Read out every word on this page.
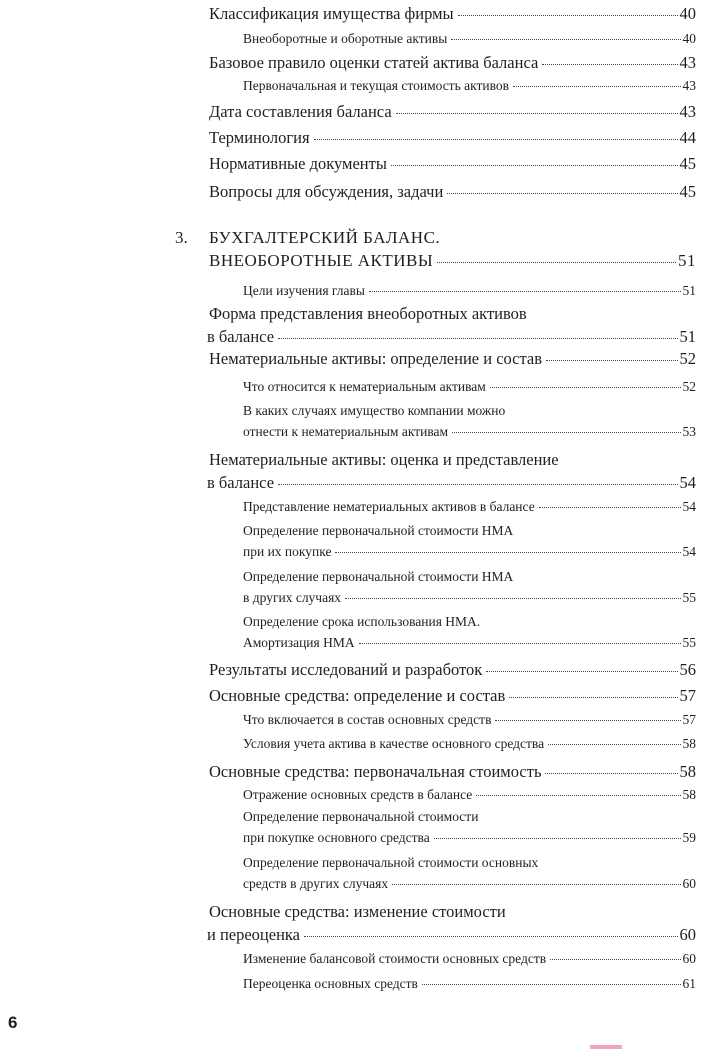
3. БУХГАЛТЕРСКИЙ БАЛАНС.
ВНЕОБОРОТНЫЕ АКТИВЫ	51
Классификация имущества фирмы	40
Внеоборотные и оборотные активы	40
Базовое правило оценки статей актива баланса	43
Первоначальная и текущая стоимость активов	43
Дата составления баланса	43
Терминология	44
Нормативные документы	45
Вопросы для обсуждения, задачи	45
Цели изучения главы	51
Форма представления внеоборотных активов
в балансе	51
Нематериальные активы: определение и состав	52
Что относится к нематериальным активам	52
В каких случаях имущество компании можно
отнести к нематериальным активам	53
Нематериальные активы: оценка и представление
в балансе	54
Представление нематериальных активов в балансе	54
Определение первоначальной стоимости НМА
при их покупке	54
Определение первоначальной стоимости НМА
в других случаях	55
Определение срока использования НМА.
Амортизация НМА	55
Результаты исследований и разработок	56
Основные средства: определение и состав	57
Что включается в состав основных средств	57
Условия учета актива в качестве основного средства	58
Основные средства: первоначальная стоимость	58
Отражение основных средств в балансе	58
Определение первоначальной стоимости
при покупке основного средства	59
Определение первоначальной стоимости основных
средств в других случаях	60
Основные средства: изменение стоимости
и переоценка	60
Изменение балансовой стоимости основных средств	60
Переоценка основных средств	61
6
